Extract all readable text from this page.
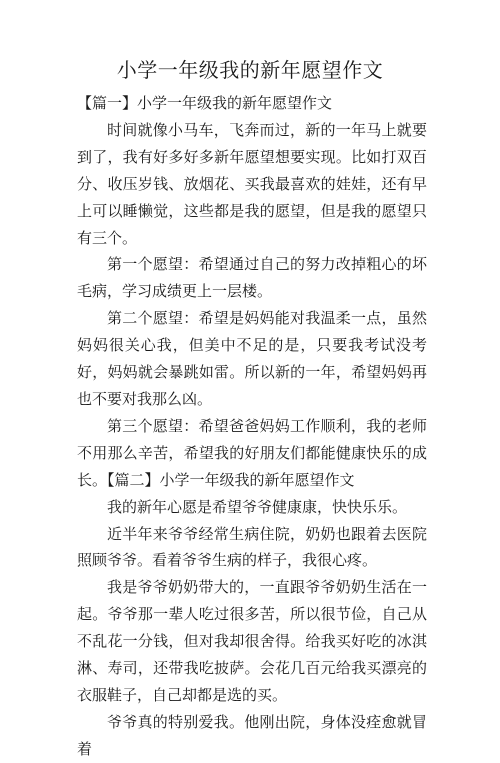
小学一年级我的新年愿望作文

【篇一】小学一年级我的新年愿望作文

时间就像小马车，飞奔而过，新的一年马上就要到了，我有好多好多新年愿望想要实现。比如打双百分、收压岁钱、放烟花、买我最喜欢的娃娃，还有早上可以睡懒觉，这些都是我的愿望，但是我的愿望只有三个。

第一个愿望：希望通过自己的努力改掉粗心的坏毛病，学习成绩更上一层楼。

第二个愿望：希望是妈妈能对我温柔一点，虽然妈妈很关心我，但美中不足的是，只要我考试没考好，妈妈就会暴跳如雷。所以新的一年，希望妈妈再也不要对我那么凶。

第三个愿望：希望爸爸妈妈工作顺利，我的老师不用那么辛苦，希望我的好朋友们都能健康快乐的成长。【篇二】小学一年级我的新年愿望作文

我的新年心愿是希望爷爷健康康，快快乐乐。

近半年来爷爷经常生病住院，奶奶也跟着去医院照顾爷爷。看着爷爷生病的样子，我很心疼。

我是爷爷奶奶带大的，一直跟爷爷奶奶生活在一起。爷爷那一辈人吃过很多苦，所以很节俭，自己从不乱花一分钱，但对我却很舍得。给我买好吃的冰淇淋、寿司，还带我吃披萨。会花几百元给我买漂亮的衣服鞋子，自己却都是选的买。

爷爷真的特别爱我。他刚出院，身体没痊愈就冒着
